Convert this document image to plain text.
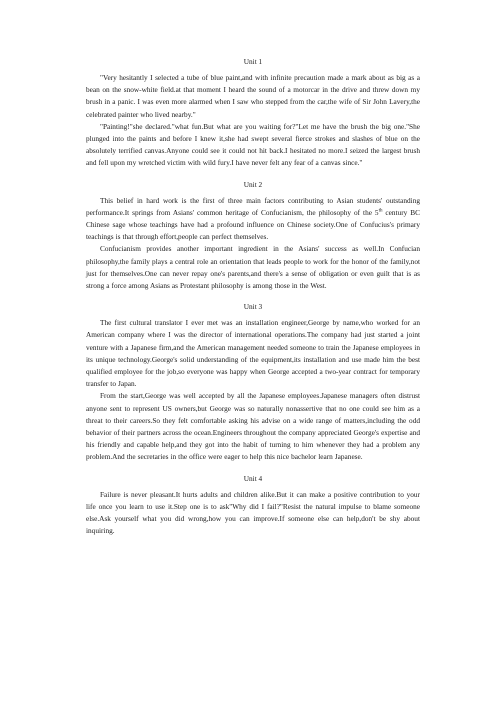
Unit 1

"Very hesitantly I selected a tube of blue paint,and with infinite precaution made a mark about as big as a bean on the snow-white field.at that moment I heard the sound of a motorcar in the drive and threw down my brush in a panic. I was even more alarmed when I saw who stepped from the car,the wife of Sir John Lavery,the celebrated painter who lived nearby."

"Painting!"she declared."what fun.But what are you waiting for?"Let me have the brush the big one."She plunged into the paints and before I knew it,she had swept several fierce strokes and slashes of blue on the absolutely terrified canvas.Anyone could see it could not hit back.I hesitated no more.I seized the largest brush and fell upon my wretched victim with wild fury.I have never felt any fear of a canvas since."

Unit 2

This belief in hard work is the first of three main factors contributing to Asian students' outstanding performance.It springs from Asians' common heritage of Confucianism, the philosophy of the 5th century BC Chinese sage whose teachings have had a profound influence on Chinese society.One of Confucius's primary teachings is that through effort,people can perfect themselves.

Confucianism provides another important ingredient in the Asians' success as well.In Confucian philosophy,the family plays a central role an orientation that leads people to work for the honor of the family,not just for themselves.One can never repay one's parents,and there's a sense of obligation or even guilt that is as strong a force among Asians as Protestant philosophy is among those in the West.

Unit 3

The first cultural translator I ever met was an installation engineer,George by name,who worked for an American company where I was the director of international operations.The company had just started a joint venture with a Japanese firm,and the American management needed someone to train the Japanese employees in its unique technology.George's solid understanding of the equipment,its installation and use made him the best qualified employee for the job,so everyone was happy when George accepted a two-year contract for temporary transfer to Japan.

From the start,George was well accepted by all the Japanese employees.Japanese managers often distrust anyone sent to represent US owners,but George was so naturally nonassertive that no one could see him as a threat to their careers.So they felt comfortable asking his advise on a wide range of matters,including the odd behavior of their partners across the ocean.Engineers throughout the company appreciated George's expertise and his friendly and capable help,and they got into the habit of turning to him whenever they had a problem any problem.And the secretaries in the office were eager to help this nice bachelor learn Japanese.

Unit 4

Failure is never pleasant.It hurts adults and children alike.But it can make a positive contribution to your life once you learn to use it.Step one is to ask"Why did I fail?"Resist the natural impulse to blame someone else.Ask yourself what you did wrong,how you can improve.If someone else can help,don't be shy about inquiring.
